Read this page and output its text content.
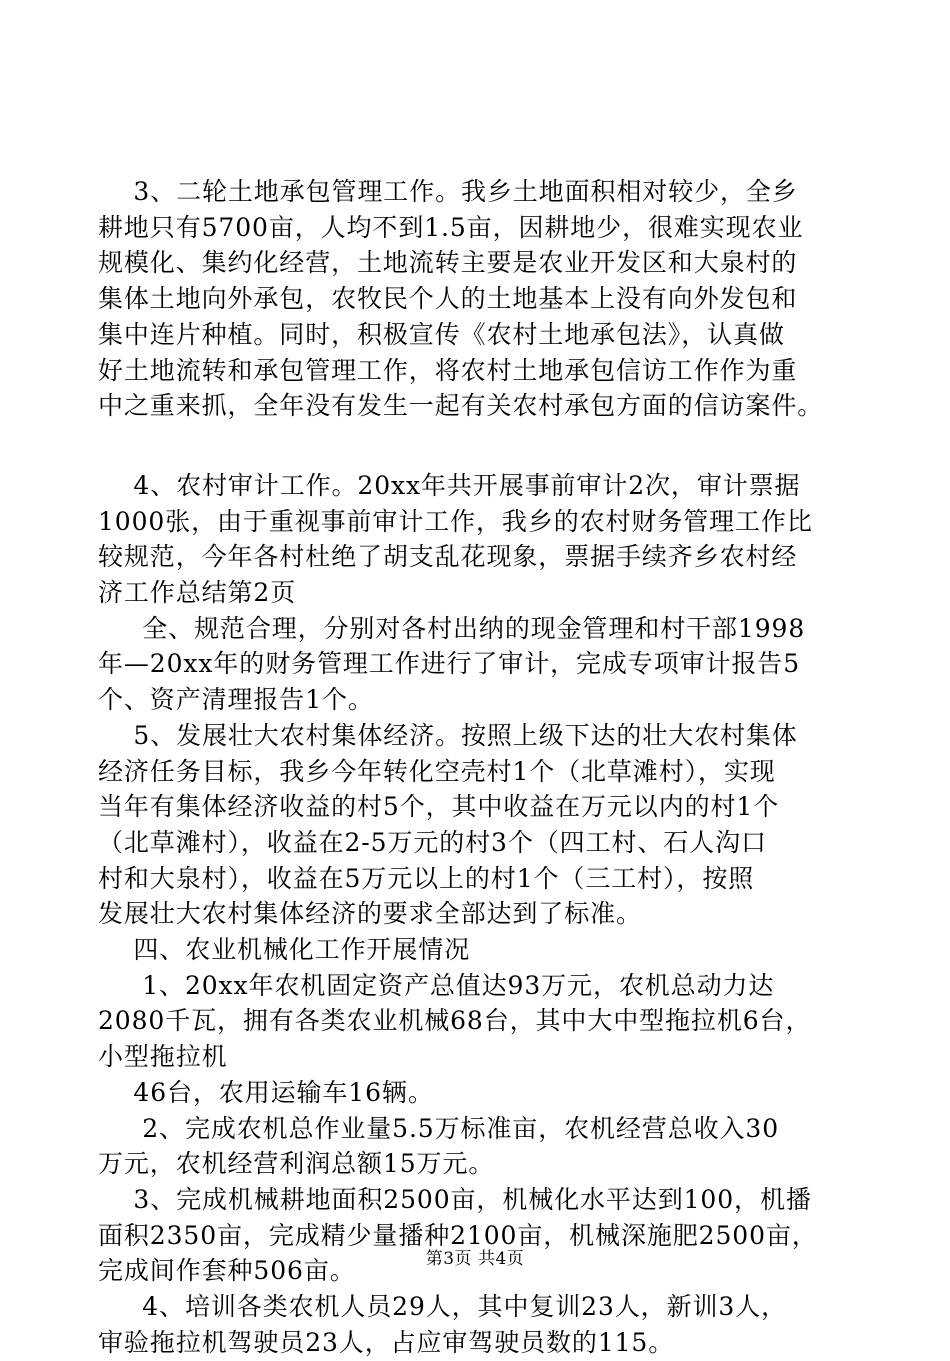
3、二轮土地承包管理工作。我乡土地面积相对较少，全乡

耕地只有5700亩，人均不到1.5亩，因耕地少，很难实现农业

规模化、集约化经营，土地流转主要是农业开发区和大泉村的

集体土地向外承包，农牧民个人的土地基本上没有向外发包和

集中连片种植。同时，积极宣传《农村土地承包法》，认真做

好土地流转和承包管理工作，将农村土地承包信访工作作为重

中之重来抓，全年没有发生一起有关农村承包方面的信访案件。

4、农村审计工作。20xx年共开展事前审计2次，审计票据

1000张，由于重视事前审计工作，我乡的农村财务管理工作比

较规范，今年各村杜绝了胡支乱花现象，票据手续齐乡农村经

济工作总结第2页

全、规范合理，分别对各村出纳的现金管理和村干部1998

年—20xx年的财务管理工作进行了审计，完成专项审计报告5

个、资产清理报告1个。

5、发展壮大农村集体经济。按照上级下达的壮大农村集体

经济任务目标，我乡今年转化空壳村1个（北草滩村），实现

当年有集体经济收益的村5个，其中收益在万元以内的村1个

（北草滩村），收益在2-5万元的村3个（四工村、石人沟口

村和大泉村），收益在5万元以上的村1个（三工村），按照

发展壮大农村集体经济的要求全部达到了标准。

四、农业机械化工作开展情况

1、20xx年农机固定资产总值达93万元，农机总动力达

2080千瓦，拥有各类农业机械68台，其中大中型拖拉机6台，

小型拖拉机

46台，农用运输车16辆。

2、完成农机总作业量5.5万标准亩，农机经营总收入30

万元，农机经营利润总额15万元。

3、完成机械耕地面积2500亩，机械化水平达到100，机播

面积2350亩，完成精少量播种2100亩，机械深施肥2500亩，

完成间作套种506亩。

4、培训各类农机人员29人，其中复训23人，新训3人，

审验拖拉机驾驶员23人，占应审驾驶员数的115。

第3页 共4页
